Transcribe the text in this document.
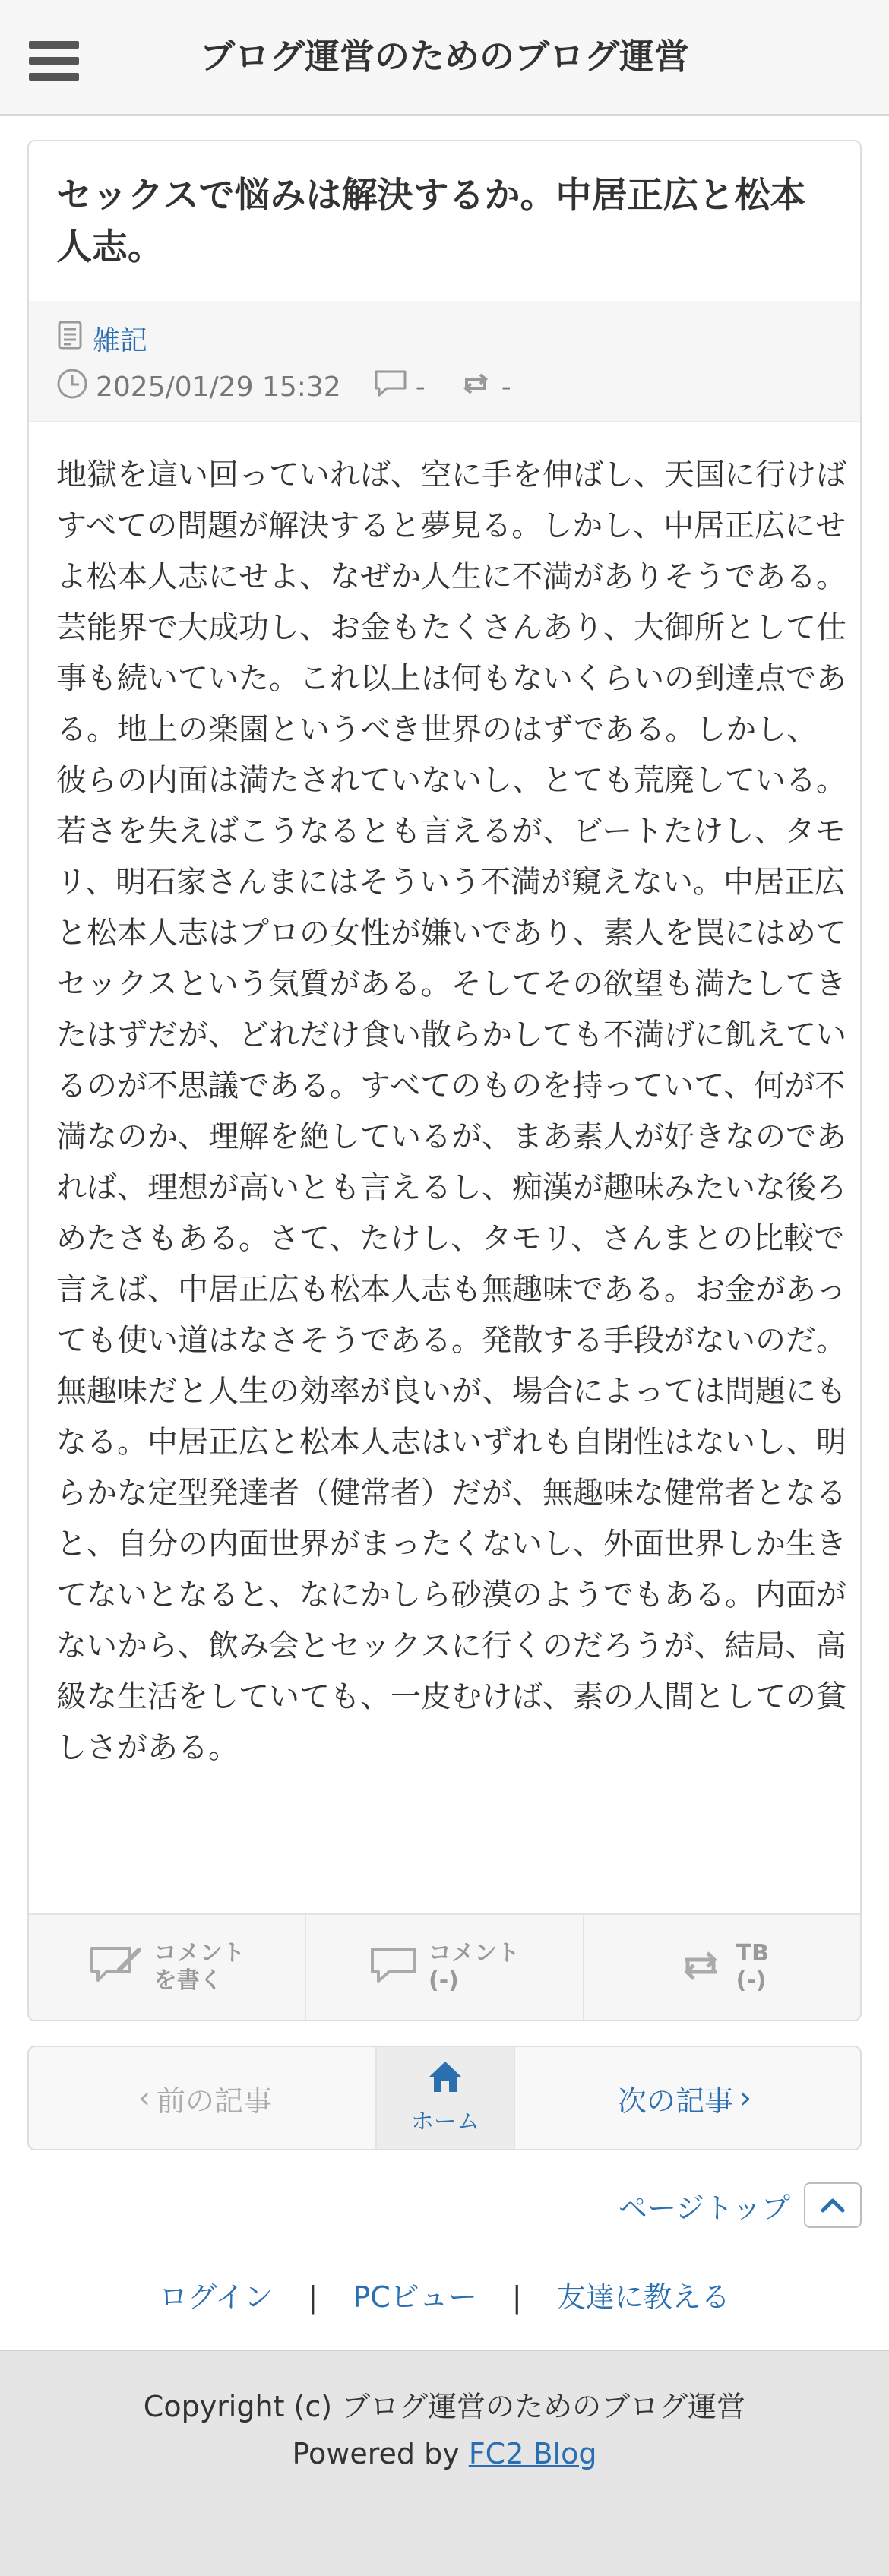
ブログ運営のためのブログ運営
セックスで悩みは解決するか。中居正広と松本人志。
雑記
2025/01/29 15:32	-	-
地獄を這い回っていれば、空に手を伸ばし、天国に行けばすべての問題が解決すると夢見る。しかし、中居正広にせよ松本人志にせよ、なぜか人生に不満がありそうである。芸能界で大成功し、お金もたくさんあり、大御所として仕事も続いていた。これ以上は何もないくらいの到達点である。地上の楽園というべき世界のはずである。しかし、彼らの内面は満たされていないし、とても荒廃している。若さを失えばこうなるとも言えるが、ビートたけし、タモリ、明石家さんまにはそういう不満が窺えない。中居正広と松本人志はプロの女性が嫌いであり、素人を罠にはめてセックスという気質がある。そしてその欲望も満たしてきたはずだが、どれだけ食い散らかしても不満げに飢えているのが不思議である。すべてのものを持っていて、何が不満なのか、理解を絶しているが、まあ素人が好きなのであれば、理想が高いとも言えるし、痴漢が趣味みたいな後ろめたさもある。さて、たけし、タモリ、さんまとの比較で言えば、中居正広も松本人志も無趣味である。お金があっても使い道はなさそうである。発散する手段がないのだ。無趣味だと人生の効率が良いが、場合によっては問題にもなる。中居正広と松本人志はいずれも自閉性はないし、明らかな定型発達者（健常者）だが、無趣味な健常者となると、自分の内面世界がまったくないし、外面世界しか生きてないとなると、なにかしら砂漠のようでもある。内面がないから、飲み会とセックスに行くのだろうが、結局、高級な生活をしていても、一皮むけば、素の人間としての貧しさがある。
コメント
を書く
コメント
(-)
TB
(-)
‹ 前の記事
ホーム
次の記事 ›
ページトップ
ログイン | PCビュー | 友達に教える
Copyright (c) ブログ運営のためのブログ運営
Powered by FC2 Blog
